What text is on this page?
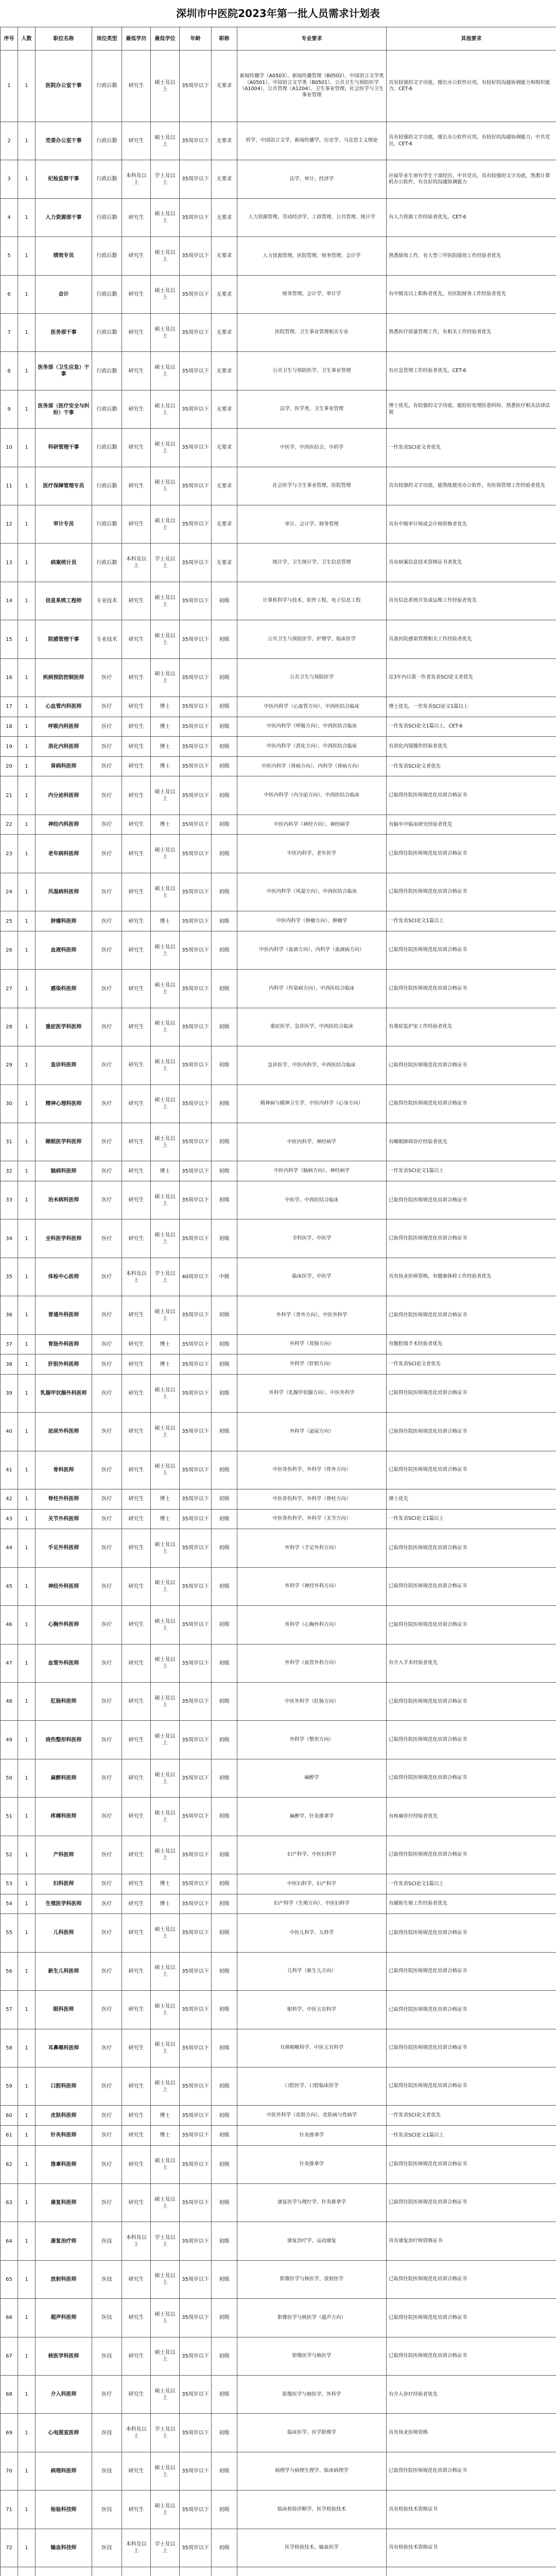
深圳市中医院2023年第一批人员需求计划表
序号	人数	职位名称	岗位类型	最低学历	最低学位	年龄	职称	专业要求	其他要求
1	1	医院办公室干事	行政后勤	研究生	硕士及以上	35周岁以下	无要求	新闻传播学（A0503）、新闻传播管理（B0502）、中国语言文学类（A0501）、中国语言文学类（B0501）、公共卫生与预防医学（A1004）、公共管理（A1204）、卫生事业管理、社会医学与卫生事业管理	具有较强的文字功底，擅长办公软件应用，有较好的沟通协调能力和组织能力，CET-6
2	1	党委办公室干事	行政后勤	研究生	硕士及以上	35周岁以下	无要求	哲学、中国语言文学、新闻传播学、历史学、马克思主义理论	具有较强的文字功底，擅长办公软件应用，有较好的沟通协调能力，中共党员，CET-6
3	1	纪检监察干事	行政后勤	本科及以上	学士及以上	35周岁以下	无要求	法学、审计、经济学	应届毕业生须有学生干部经历，中共党员，具有较强的文字功底，熟悉计算机办公软件，有良好的沟通协调能力
4	1	人力资源部干事	行政后勤	研究生	硕士及以上	35周岁以下	无要求	人力资源管理、劳动经济学、工商管理、公共管理、统计学	有人力资源工作经验者优先，CET-6
5	1	绩效专员	行政后勤	研究生	硕士及以上	35周岁以下	无要求	人力资源管理、医院管理、财务管理、会计学	熟悉绩效工作，有大型三甲医院绩效工作经验者优先
6	1	会计	行政后勤	研究生	硕士及以上	35周岁以下	无要求	财务管理、会计学、审计学	有中级及以上职称者优先，有医院财务工作经验者优先
7	1	医务部干事	行政后勤	研究生	硕士及以上	35周岁以下	无要求	医院管理、卫生事业管理相关专业	熟悉医疗质量管理工作，有相关工作经验者优先
8	1	医务部（卫生应急）干事	行政后勤	研究生	硕士及以上	35周岁以下	无要求	公共卫生与预防医学、卫生事业管理	有应急管理工作经验者优先，CET-6
9	1	医务部（医疗安全与纠纷）干事	行政后勤	研究生	硕士及以上	35周岁以下	无要求	法学、医学类、卫生事业管理	博士优先，有较强的文字功底，能较好处理医患纠纷，熟悉医疗相关法律法规
10	1	科研管理干事	行政后勤	研究生	硕士及以上	35周岁以下	无要求	中医学、中西医结合、中药学	一作发表SCI论文者优先
11	1	医疗保障管理专员	行政后勤	研究生	硕士及以上	35周岁以下	无要求	社会医学与卫生事业管理、医院管理	具有较强的文字功底，能熟练使用办公软件，有医保管理工作经验者优先
12	1	审计专员	行政后勤	研究生	硕士及以上	35周岁以下	无要求	审计、会计学、财务管理	具有中级审计师或会计师资格者优先
13	1	病案统计员	行政后勤	本科及以上	学士及以上	35周岁以下	无要求	统计学、卫生统计学、卫生信息管理	具有病案信息技术资格证书者优先
14	1	信息系统工程师	专业技术	研究生	硕士及以上	35周岁以下	初级	计算机科学与技术、软件工程、电子信息工程	具有信息系统开发或运维工作经验者优先
15	1	院感管理干事	专业技术	研究生	硕士及以上	35周岁以下	初级	公共卫生与预防医学、护理学、临床医学	具备医院感染管理相关工作经验者优先
16	1	疾病预防控制医师	医疗	研究生	硕士及以上	35周岁以下	初级	公共卫生与预防医学	近3年内以第一作者发表SCI论文者优先
17	1	心血管内科医师	医疗	研究生	博士	35周岁以下	初级	中医内科学（心血管方向）、中西医结合临床	博士优先，一作发表SCI论文1篇以上
18	1	呼吸内科医师	医疗	研究生	博士	35周岁以下	初级	中医内科学（呼吸方向）、中西医结合临床	一作发表SCI论文1篇以上，CET-6
19	1	消化内科医师	医疗	研究生	博士	35周岁以下	初级	中医内科学（消化方向）、中西医结合临床	有消化内镜操作经验者优先
20	1	肾病科医师	医疗	研究生	博士	35周岁以下	初级	中医内科学（肾病方向）、内科学（肾病方向）	一作发表SCI论文者优先
21	1	内分泌科医师	医疗	研究生	硕士及以上	35周岁以下	初级	中医内科学（内分泌方向）、中西医结合临床	已取得住院医师规范化培训合格证书
22	1	神经内科医师	医疗	研究生	博士	35周岁以下	初级	中医内科学（神经方向）、神经病学	有脑卒中临床研究经验者优先
23	1	老年病科医师	医疗	研究生	硕士及以上	35周岁以下	初级	中医内科学、老年医学	已取得住院医师规范化培训合格证书
24	1	风湿病科医师	医疗	研究生	硕士及以上	35周岁以下	初级	中医内科学（风湿方向）、中西医结合临床	已取得住院医师规范化培训合格证书
25	1	肿瘤科医师	医疗	研究生	博士	35周岁以下	初级	中医内科学（肿瘤方向）、肿瘤学	一作发表SCI论文1篇以上
26	1	血液科医师	医疗	研究生	硕士及以上	35周岁以下	初级	中医内科学（血液方向）、内科学（血液病方向）	已取得住院医师规范化培训合格证书
27	1	感染科医师	医疗	研究生	硕士及以上	35周岁以下	初级	内科学（传染病方向）、中西医结合临床	已取得住院医师规范化培训合格证书
28	1	重症医学科医师	医疗	研究生	硕士及以上	35周岁以下	初级	重症医学、急诊医学、中西医结合临床	有重症监护室工作经验者优先
29	1	急诊科医师	医疗	研究生	硕士及以上	35周岁以下	初级	急诊医学、中医内科学、中西医结合临床	已取得住院医师规范化培训合格证书
30	1	精神心理科医师	医疗	研究生	硕士及以上	35周岁以下	初级	精神病与精神卫生学、中医内科学（心身方向）	已取得住院医师规范化培训合格证书
31	1	睡眠医学科医师	医疗	研究生	硕士及以上	35周岁以下	初级	中医内科学、神经病学	有睡眠障碍诊疗经验者优先
32	1	脑病科医师	医疗	研究生	博士	35周岁以下	初级	中医内科学（脑病方向）、神经病学	一作发表SCI论文1篇以上
33	1	治未病科医师	医疗	研究生	硕士及以上	35周岁以下	初级	中医学、中西医结合临床	已取得住院医师规范化培训合格证书
34	1	全科医学科医师	医疗	研究生	硕士及以上	35周岁以下	初级	全科医学、中医学	已取得住院医师规范化培训合格证书
35	1	体检中心医师	医疗	本科及以上	学士及以上	40周岁以下	中级	临床医学、中医学	具有执业医师资格，有健康体检工作经验者优先
36	1	普通外科医师	医疗	研究生	硕士及以上	35周岁以下	初级	外科学（普外方向）、中医外科学	已取得住院医师规范化培训合格证书
37	1	胃肠外科医师	医疗	研究生	博士	35周岁以下	初级	外科学（胃肠方向）	有腹腔镜手术经验者优先
38	1	肝胆外科医师	医疗	研究生	博士	35周岁以下	初级	外科学（肝胆方向）	一作发表SCI论文者优先
39	1	乳腺甲状腺外科医师	医疗	研究生	硕士及以上	35周岁以下	初级	外科学（乳腺甲状腺方向）、中医外科学	已取得住院医师规范化培训合格证书
40	1	泌尿外科医师	医疗	研究生	硕士及以上	35周岁以下	初级	外科学（泌尿方向）	已取得住院医师规范化培训合格证书
41	1	骨科医师	医疗	研究生	硕士及以上	35周岁以下	初级	中医骨伤科学、外科学（骨外方向）	已取得住院医师规范化培训合格证书
42	1	脊柱外科医师	医疗	研究生	博士	35周岁以下	初级	中医骨伤科学、外科学（脊柱方向）	博士优先
43	1	关节外科医师	医疗	研究生	博士	35周岁以下	初级	中医骨伤科学、外科学（关节方向）	一作发表SCI论文1篇以上
44	1	手足外科医师	医疗	研究生	硕士及以上	35周岁以下	初级	外科学（手足外科方向）	已取得住院医师规范化培训合格证书
45	1	神经外科医师	医疗	研究生	硕士及以上	35周岁以下	初级	外科学（神经外科方向）	已取得住院医师规范化培训合格证书
46	1	心胸外科医师	医疗	研究生	硕士及以上	35周岁以下	初级	外科学（心胸外科方向）	已取得住院医师规范化培训合格证书
47	1	血管外科医师	医疗	研究生	硕士及以上	35周岁以下	初级	外科学（血管外科方向）	有介入手术经验者优先
48	1	肛肠科医师	医疗	研究生	硕士及以上	35周岁以下	初级	中医外科学（肛肠方向）	已取得住院医师规范化培训合格证书
49	1	烧伤整形科医师	医疗	研究生	硕士及以上	35周岁以下	初级	外科学（整形方向）	已取得住院医师规范化培训合格证书
50	1	麻醉科医师	医疗	研究生	硕士及以上	35周岁以下	初级	麻醉学	已取得住院医师规范化培训合格证书
51	1	疼痛科医师	医疗	研究生	硕士及以上	35周岁以下	初级	麻醉学、针灸推拿学	有疼痛诊疗经验者优先
52	1	产科医师	医疗	研究生	硕士及以上	35周岁以下	初级	妇产科学、中医妇科学	已取得住院医师规范化培训合格证书
53	1	妇科医师	医疗	研究生	博士	35周岁以下	初级	中医妇科学、妇产科学	一作发表SCI论文1篇以上
54	1	生殖医学科医师	医疗	研究生	博士	35周岁以下	初级	妇产科学（生殖方向）、中医妇科学	有辅助生殖工作经验者优先
55	1	儿科医师	医疗	研究生	硕士及以上	35周岁以下	初级	中医儿科学、儿科学	已取得住院医师规范化培训合格证书
56	1	新生儿科医师	医疗	研究生	硕士及以上	35周岁以下	初级	儿科学（新生儿方向）	已取得住院医师规范化培训合格证书
57	1	眼科医师	医疗	研究生	硕士及以上	35周岁以下	初级	眼科学、中医五官科学	已取得住院医师规范化培训合格证书
58	1	耳鼻喉科医师	医疗	研究生	硕士及以上	35周岁以下	初级	耳鼻咽喉科学、中医五官科学	已取得住院医师规范化培训合格证书
59	1	口腔科医师	医疗	研究生	硕士及以上	35周岁以下	初级	口腔医学、口腔临床医学	已取得住院医师规范化培训合格证书
60	1	皮肤科医师	医疗	研究生	博士	35周岁以下	初级	中医外科学（皮肤方向）、皮肤病与性病学	一作发表SCI论文者优先
61	1	针灸科医师	医疗	研究生	博士	35周岁以下	初级	针灸推拿学	一作发表SCI论文1篇以上
62	1	推拿科医师	医疗	研究生	硕士及以上	35周岁以下	初级	针灸推拿学	已取得住院医师规范化培训合格证书
63	1	康复科医师	医疗	研究生	硕士及以上	35周岁以下	初级	康复医学与理疗学、针灸推拿学	已取得住院医师规范化培训合格证书
64	1	康复治疗师	医技	本科及以上	学士及以上	35周岁以下	初级	康复治疗学、运动康复	具有康复治疗师资格证书
65	1	放射科医师	医技	研究生	硕士及以上	35周岁以下	初级	影像医学与核医学、放射医学	已取得住院医师规范化培训合格证书
66	1	超声科医师	医技	研究生	硕士及以上	35周岁以下	初级	影像医学与核医学（超声方向）	已取得住院医师规范化培训合格证书
67	1	核医学科医师	医技	研究生	硕士及以上	35周岁以下	初级	影像医学与核医学	已取得住院医师规范化培训合格证书
68	1	介入科医师	医疗	研究生	硕士及以上	35周岁以下	初级	影像医学与核医学、外科学	有介入诊疗经验者优先
69	1	心电图室医师	医技	本科及以上	学士及以上	35周岁以下	初级	临床医学、医学影像学	具有执业医师资格
70	1	病理科医师	医技	研究生	硕士及以上	35周岁以下	初级	病理学与病理生理学、临床病理学	已取得住院医师规范化培训合格证书
71	1	检验科技师	医技	研究生	硕士及以上	35周岁以下	初级	临床检验诊断学、医学检验技术	具有检验技术资格证书
72	1	输血科技师	医技	本科及以上	学士及以上	35周岁以下	初级	医学检验技术、输血医学	具有检验技术资格证书
